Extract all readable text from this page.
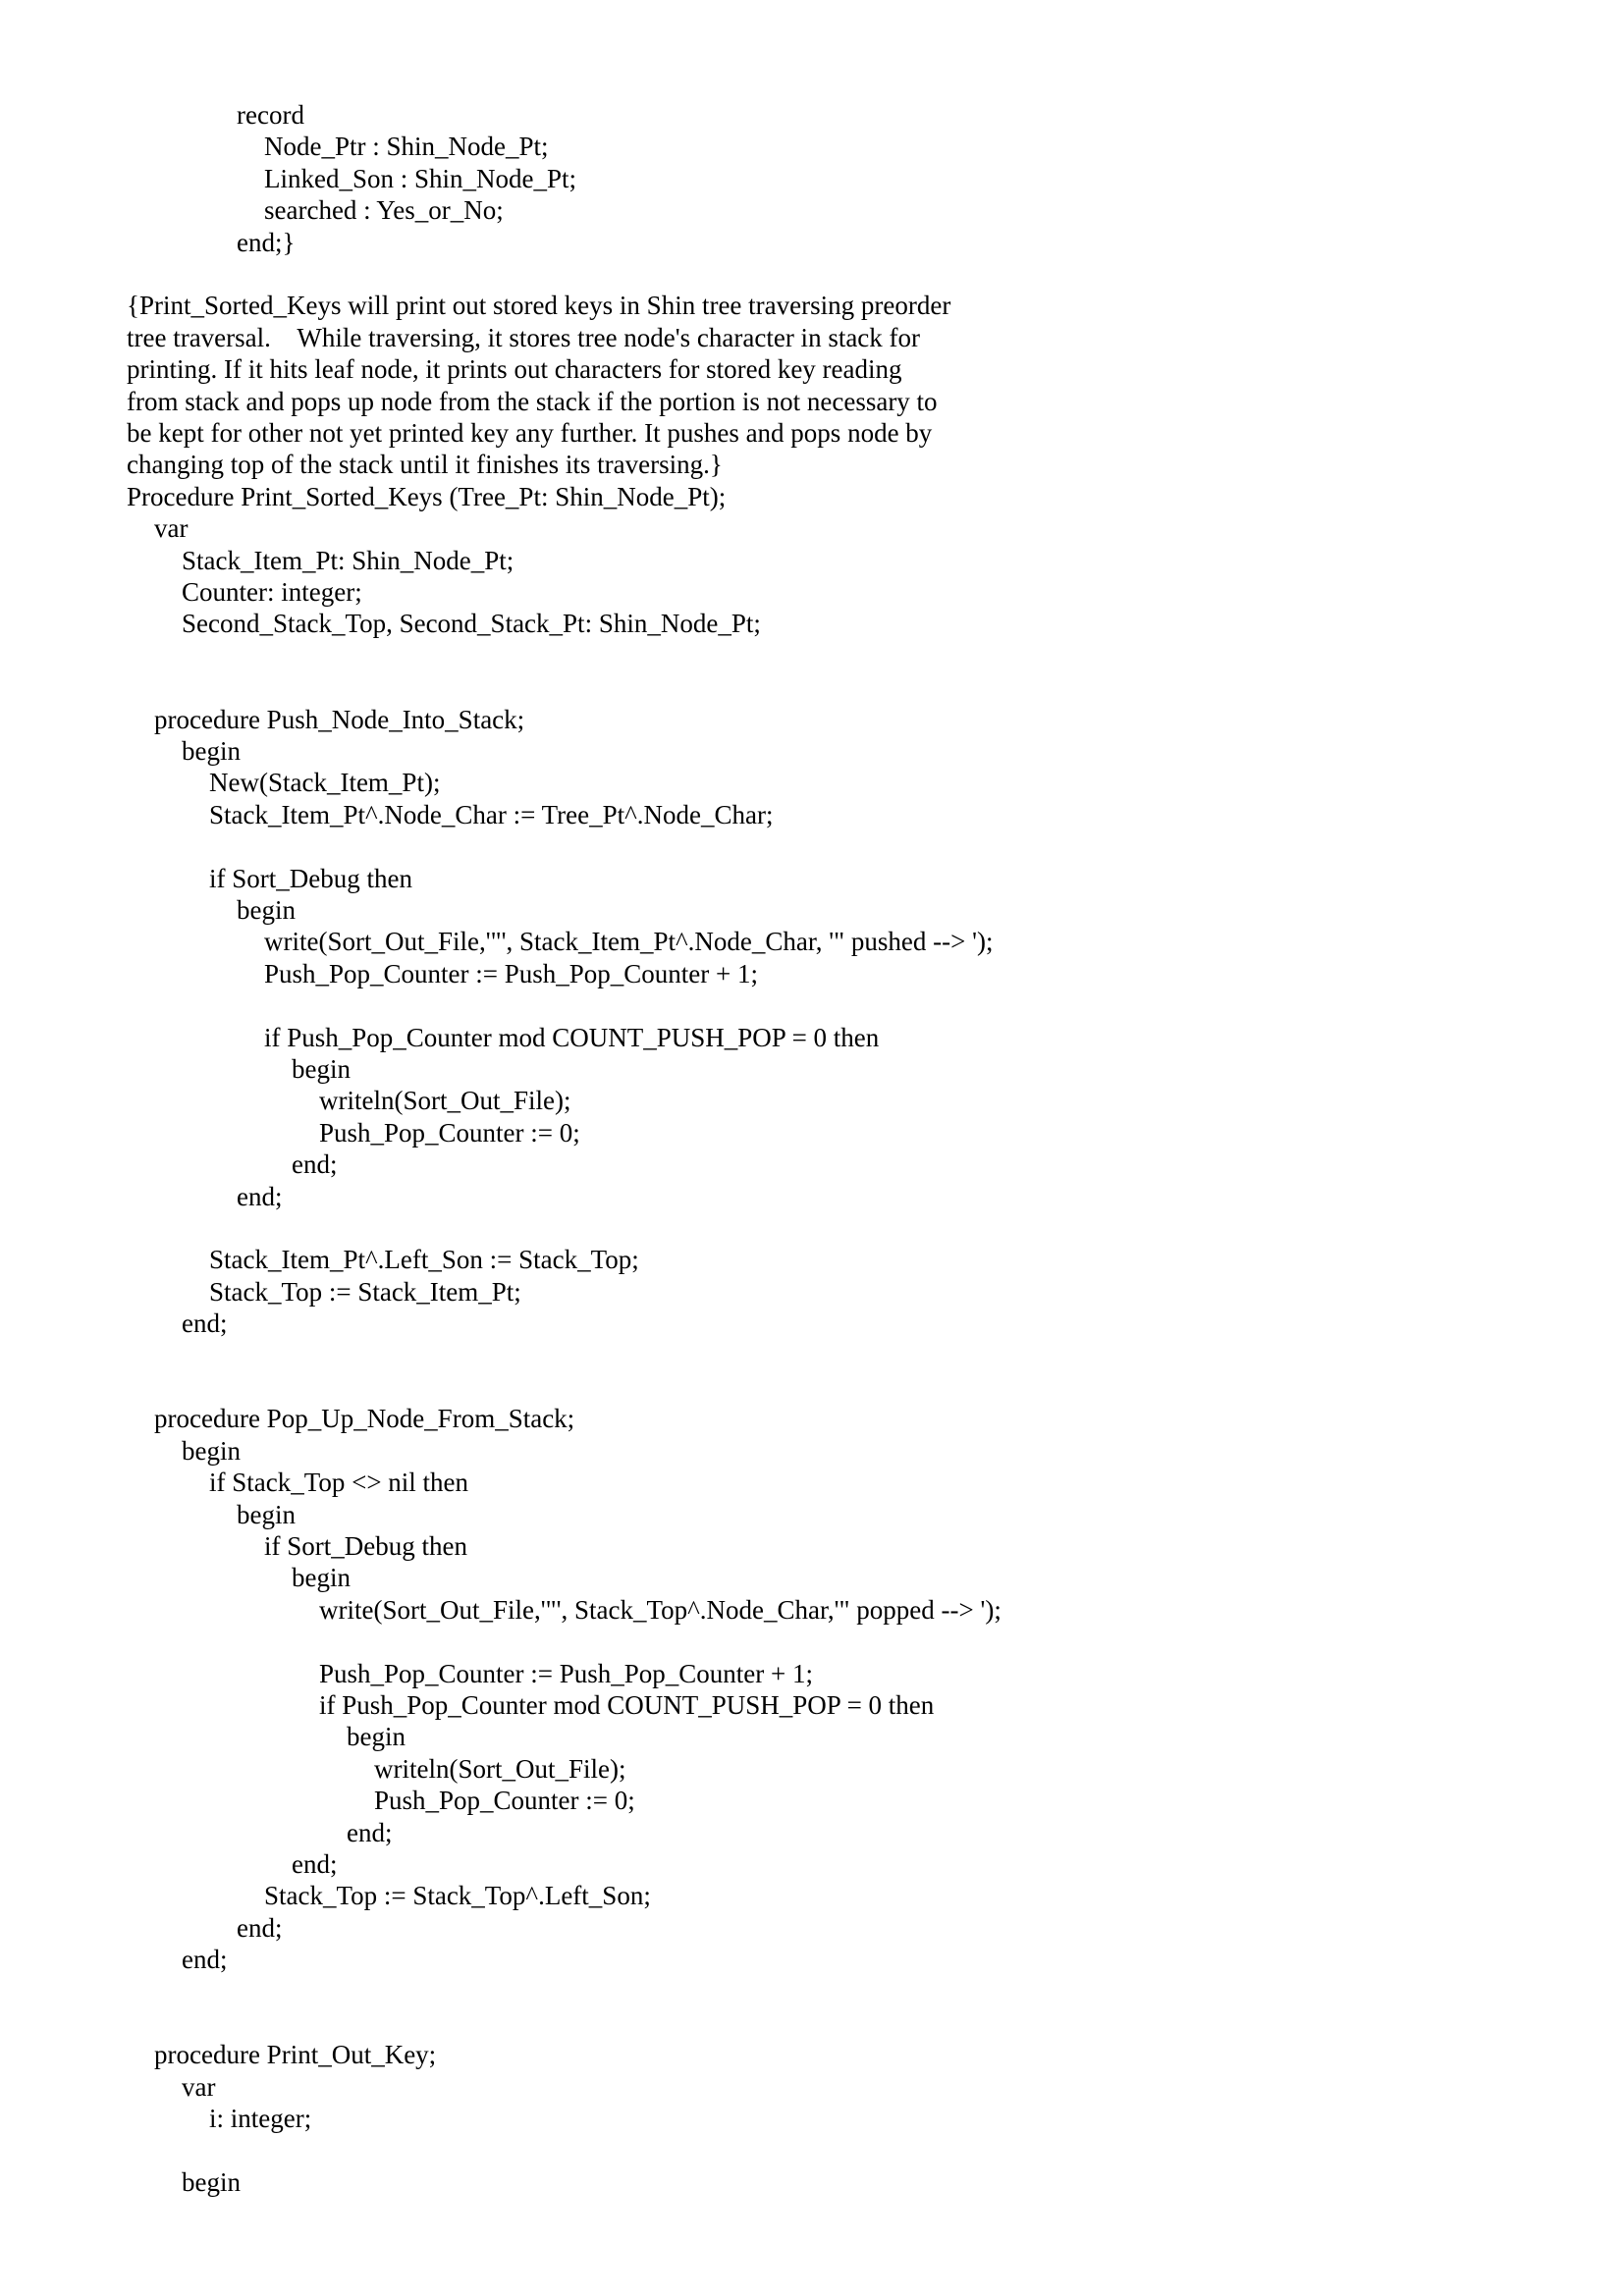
record
Node_Ptr : Shin_Node_Pt;
Linked_Son : Shin_Node_Pt;
searched : Yes_or_No;
end;}
{Print_Sorted_Keys will print out stored keys in Shin tree traversing preorder
tree traversal.    While traversing, it stores tree node's character in stack for
printing. If it hits leaf node, it prints out characters for stored key reading
from stack and pops up node from the stack if the portion is not necessary to
be kept for other not yet printed key any further. It pushes and pops node by
changing top of the stack until it finishes its traversing.}
Procedure Print_Sorted_Keys (Tree_Pt: Shin_Node_Pt);
var
Stack_Item_Pt: Shin_Node_Pt;
Counter: integer;
Second_Stack_Top, Second_Stack_Pt: Shin_Node_Pt;
procedure Push_Node_Into_Stack;
begin
New(Stack_Item_Pt);
Stack_Item_Pt^.Node_Char := Tree_Pt^.Node_Char;
if Sort_Debug then
begin
write(Sort_Out_File,'"', Stack_Item_Pt^.Node_Char, '" pushed --> ');
Push_Pop_Counter := Push_Pop_Counter + 1;
if Push_Pop_Counter mod COUNT_PUSH_POP = 0 then
begin
writeln(Sort_Out_File);
Push_Pop_Counter := 0;
end;
end;
Stack_Item_Pt^.Left_Son := Stack_Top;
Stack_Top := Stack_Item_Pt;
end;
procedure Pop_Up_Node_From_Stack;
begin
if Stack_Top <> nil then
begin
if Sort_Debug then
begin
write(Sort_Out_File,'"', Stack_Top^.Node_Char,'" popped --> ');
Push_Pop_Counter := Push_Pop_Counter + 1;
if Push_Pop_Counter mod COUNT_PUSH_POP = 0 then
begin
writeln(Sort_Out_File);
Push_Pop_Counter := 0;
end;
end;
Stack_Top := Stack_Top^.Left_Son;
end;
end;
procedure Print_Out_Key;
var
i: integer;
begin
